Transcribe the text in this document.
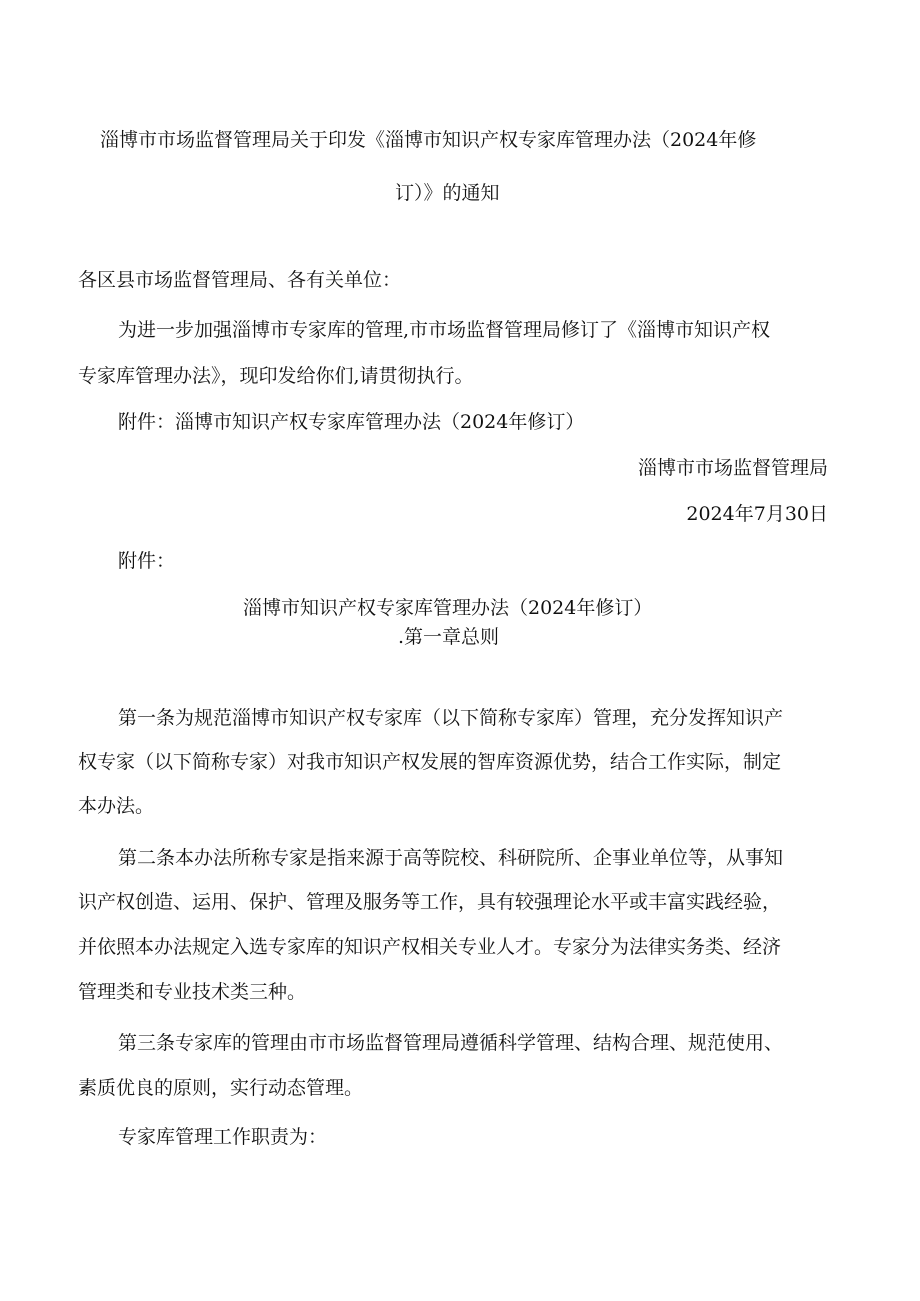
淄博市市场监督管理局关于印发《淄博市知识产权专家库管理办法（2024年修

订）》的通知

各区县市场监督管理局、各有关单位：

为进一步加强淄博市专家库的管理,市市场监督管理局修订了《淄博市知识产权

专家库管理办法》，现印发给你们,请贯彻执行。

附件：淄博市知识产权专家库管理办法（2024年修订）

淄博市市场监督管理局

2024年7月30日

附件：

淄博市知识产权专家库管理办法（2024年修订）

.第一章总则

第一条为规范淄博市知识产权专家库（以下简称专家库）管理，充分发挥知识产

权专家（以下简称专家）对我市知识产权发展的智库资源优势，结合工作实际，制定

本办法。

第二条本办法所称专家是指来源于高等院校、科研院所、企事业单位等，从事知

识产权创造、运用、保护、管理及服务等工作，具有较强理论水平或丰富实践经验，

并依照本办法规定入选专家库的知识产权相关专业人才。专家分为法律实务类、经济

管理类和专业技术类三种。

第三条专家库的管理由市市场监督管理局遵循科学管理、结构合理、规范使用、

素质优良的原则，实行动态管理。

专家库管理工作职责为：
